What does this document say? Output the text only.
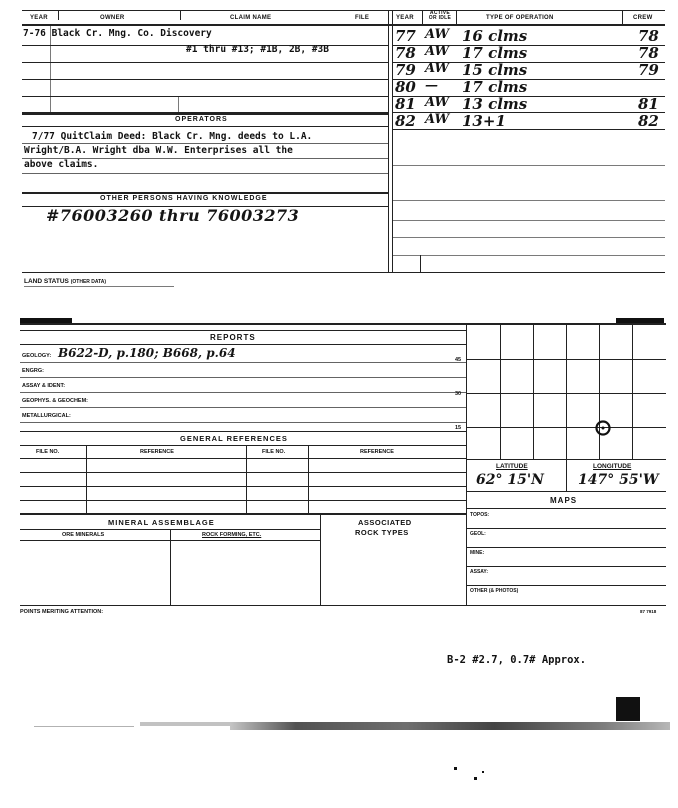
YEAR	OWNER	CLAIM NAME	FILE	YEAR
ACTIVE OR IDLE	TYPE OF OPERATION	CREW
7-76 Black Cr. Mng. Co. Discovery
#1 thru #13; #1B, 2B, #3B
77 AW 16 clms	78
78 AW 17 clms	78
79 AW 15 clms	79
80 — 17 clms
81 AW 13 clms	81
82 AW 13+1	82
OPERATORS
7/77 QuitClaim Deed: Black Cr. Mng. deeds to L.A.
Wright/B.A. Wright dba W.W. Enterprises all the
above claims.
OTHER PERSONS HAVING KNOWLEDGE
#76003260 thru 76003273
LAND STATUS (OTHER DATA)
REPORTS
GEOLOGY: B622-D, p.180; B668, p.64
ENGRG:
ASSAY & IDENT:
GEOPHYS. & GEOCHEM:
METALLURGICAL:
45
30
15
GENERAL REFERENCES
FILE NO.	REFERENCE	FILE NO.	REFERENCE
MINERAL ASSEMBLAGE
ORE MINERALS	ROCK FORMING, ETC.
ASSOCIATED
ROCK TYPES
LATITUDE	LONGITUDE
62° 15'N 147° 55'W
MAPS
TOPOS:
GEOL:
MINE:
ASSAY:
OTHER (& PHOTOS)
POINTS MERITING ATTENTION:	87 7918
B-2 #2.7, 0.7# Approx.
